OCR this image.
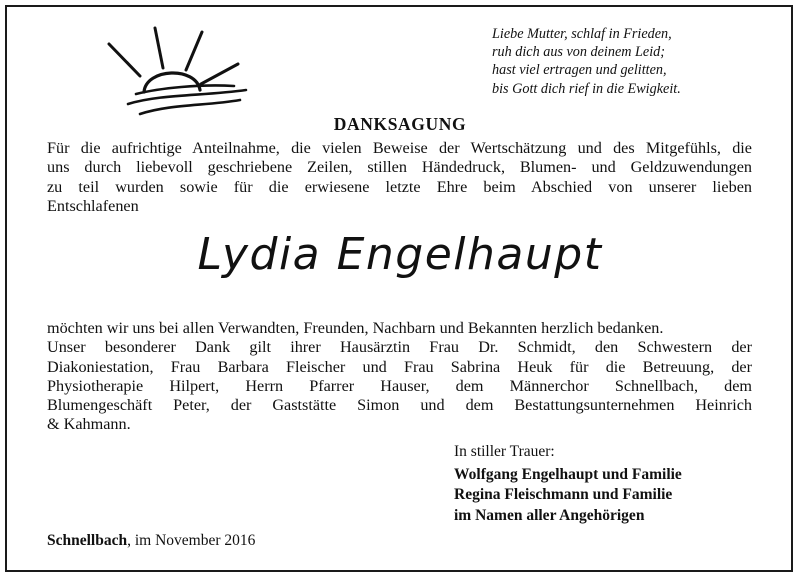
Liebe Mutter, schlaf in Frieden,
ruh dich aus von deinem Leid;
hast viel ertragen und gelitten,
bis Gott dich rief in die Ewigkeit.
DANKSAGUNG
Für die aufrichtige Anteilnahme, die vielen Beweise der Wertschätzung und des Mitgefühls, die
uns durch liebevoll geschriebene Zeilen, stillen Händedruck, Blumen- und Geldzuwendungen
zu teil wurden sowie für die erwiesene letzte Ehre beim Abschied von unserer lieben
Entschlafenen
Lydia Engelhaupt
möchten wir uns bei allen Verwandten, Freunden, Nachbarn und Bekannten herzlich bedanken.
Unser besonderer Dank gilt ihrer Hausärztin Frau Dr. Schmidt, den Schwestern der
Diakoniestation, Frau Barbara Fleischer und Frau Sabrina Heuk für die Betreuung, der
Physiotherapie Hilpert, Herrn Pfarrer Hauser, dem Männerchor Schnellbach, dem
Blumengeschäft Peter, der Gaststätte Simon und dem Bestattungsunternehmen Heinrich
& Kahmann.
In stiller Trauer:
Wolfgang Engelhaupt und Familie
Regina Fleischmann und Familie
im Namen aller Angehörigen
Schnellbach, im November 2016
